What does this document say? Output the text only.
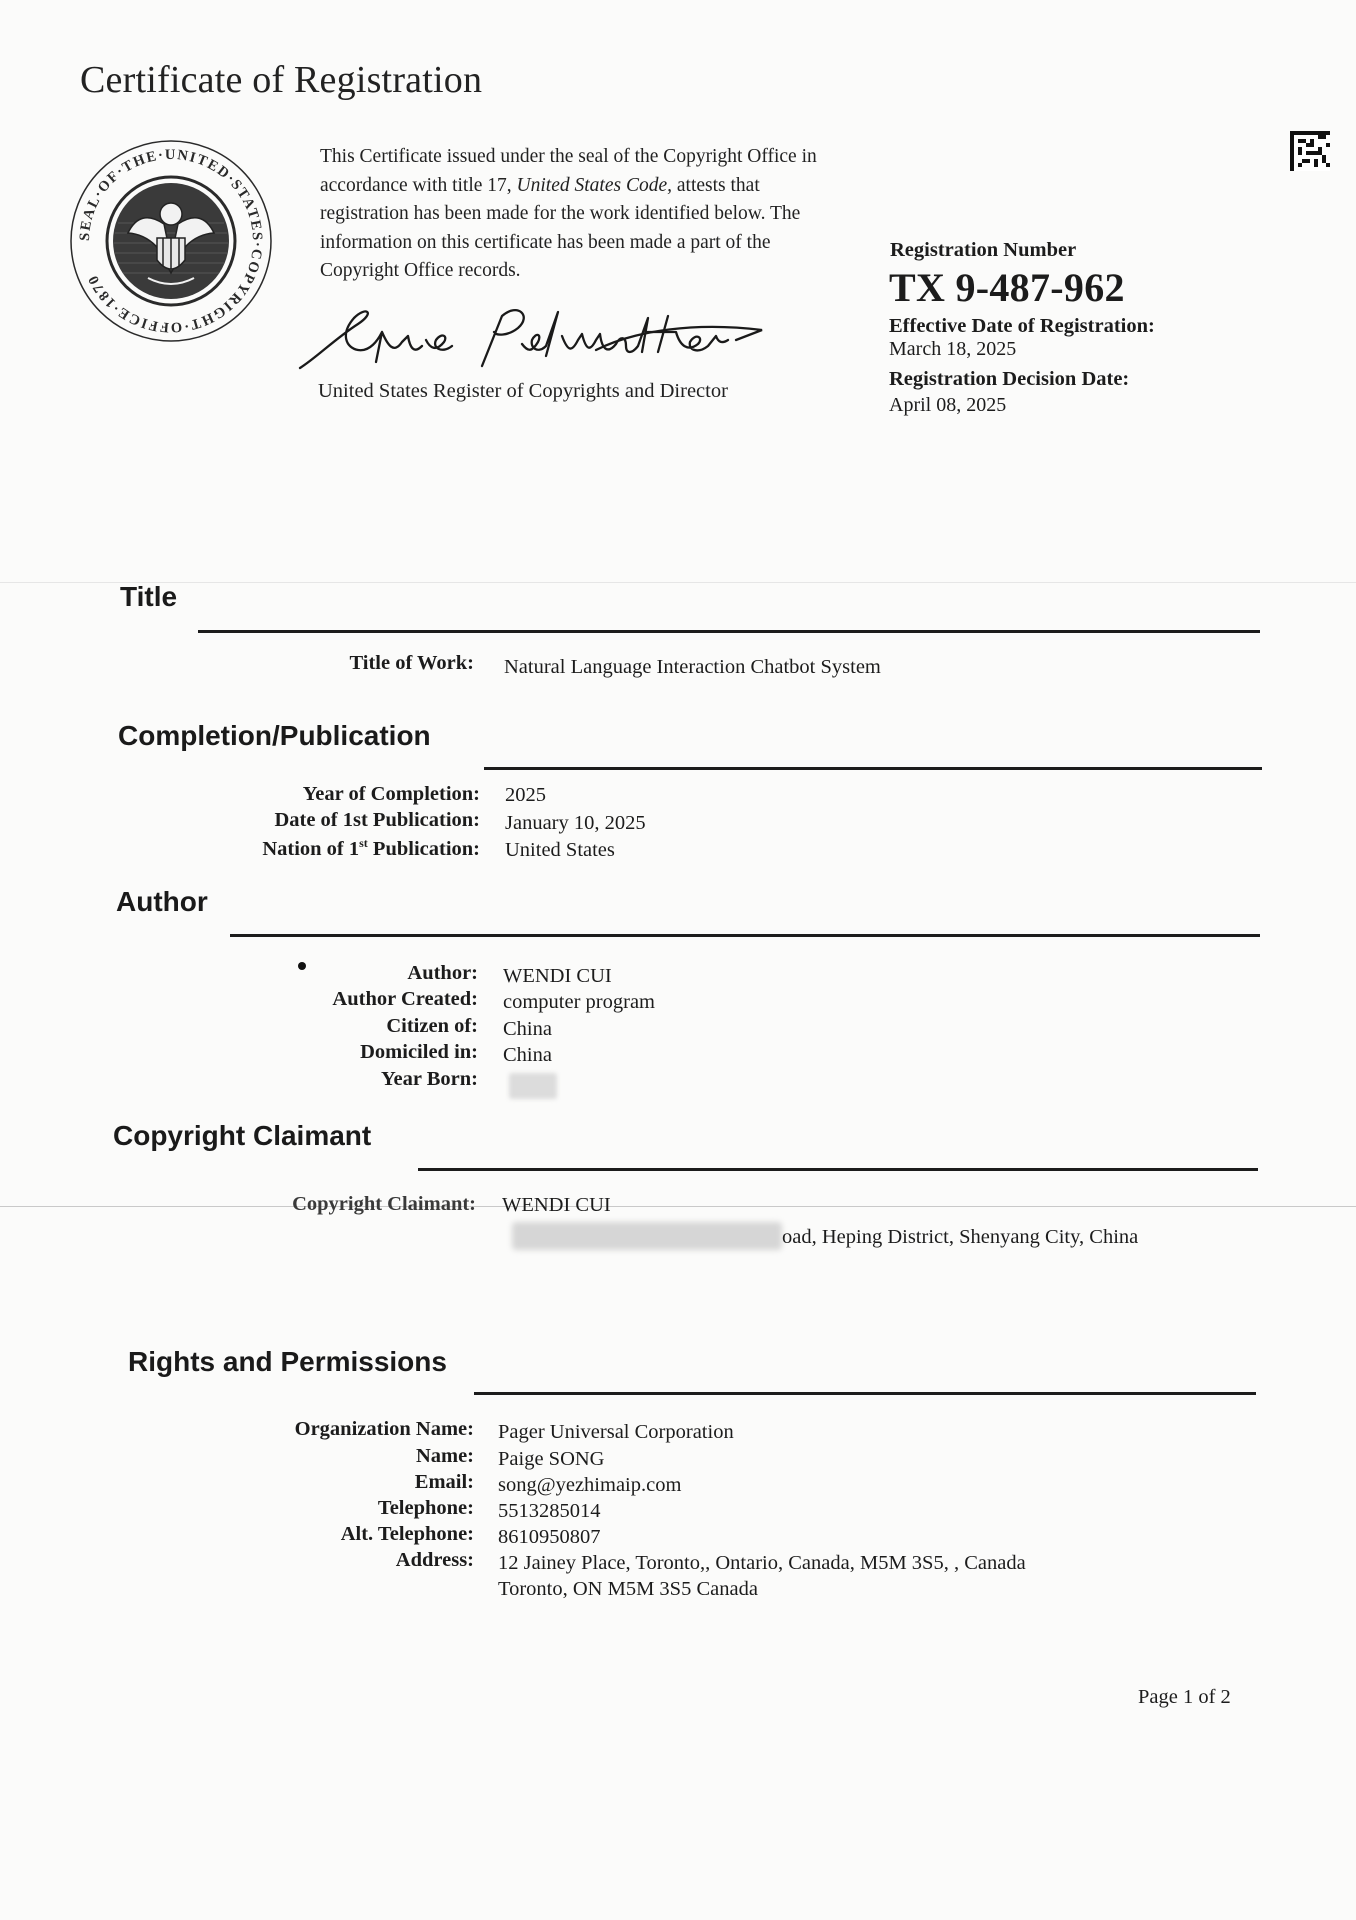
Certificate of Registration
SEAL·OF·THE·UNITED·STATES·COPYRIGHT·OFFICE·1870
This Certificate issued under the seal of the Copyright Office in accordance with title 17, United States Code, attests that registration has been made for the work identified below. The information on this certificate has been made a part of the Copyright Office records.
United States Register of Copyrights and Director
Registration Number
TX 9-487-962
Effective Date of Registration:
March 18, 2025
Registration Decision Date:
April 08, 2025
Title
Title of Work: Natural Language Interaction Chatbot System
Completion/Publication
Year of Completion: 2025
Date of 1st Publication: January 10, 2025
Nation of 1st Publication: United States
Author
Author: WENDI CUI
Author Created: computer program
Citizen of: China
Domiciled in: China
Year Born:
Copyright Claimant
Copyright Claimant: WENDI CUI
oad, Heping District, Shenyang City, China
Rights and Permissions
Organization Name: Pager Universal Corporation
Name: Paige SONG
Email: song@yezhimaip.com
Telephone: 5513285014
Alt. Telephone: 8610950807
Address: 12 Jainey Place, Toronto,, Ontario, Canada, M5M 3S5, , Canada
Toronto, ON M5M 3S5 Canada
Page 1 of 2
